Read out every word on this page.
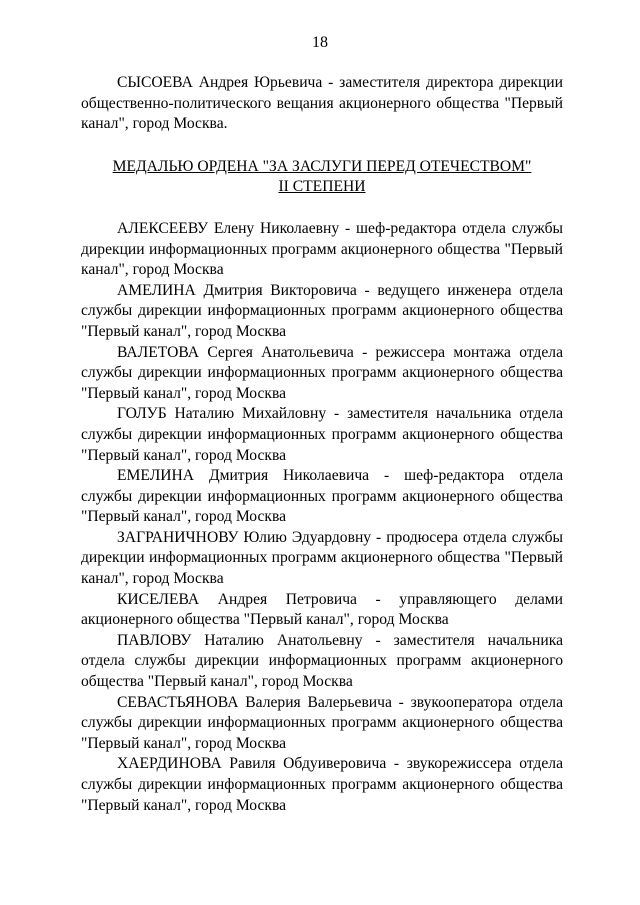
18

СЫСОЕВА Андрея Юрьевича - заместителя директора дирекции общественно-политического вещания акционерного общества "Первый канал", город Москва.

МЕДАЛЬЮ ОРДЕНА "ЗА ЗАСЛУГИ ПЕРЕД ОТЕЧЕСТВОМ"
II СТЕПЕНИ

АЛЕКСЕЕВУ Елену Николаевну - шеф-редактора отдела службы дирекции информационных программ акционерного общества "Первый канал", город Москва

АМЕЛИНА Дмитрия Викторовича - ведущего инженера отдела службы дирекции информационных программ акционерного общества "Первый канал", город Москва

ВАЛЕТОВА Сергея Анатольевича - режиссера монтажа отдела службы дирекции информационных программ акционерного общества "Первый канал", город Москва

ГОЛУБ Наталию Михайловну - заместителя начальника отдела службы дирекции информационных программ акционерного общества "Первый канал", город Москва

ЕМЕЛИНА Дмитрия Николаевича - шеф-редактора отдела службы дирекции информационных программ акционерного общества "Первый канал", город Москва

ЗАГРАНИЧНОВУ Юлию Эдуардовну - продюсера отдела службы дирекции информационных программ акционерного общества "Первый канал", город Москва

КИСЕЛЕВА Андрея Петровича - управляющего делами акционерного общества "Первый канал", город Москва

ПАВЛОВУ Наталию Анатольевну - заместителя начальника отдела службы дирекции информационных программ акционерного общества "Первый канал", город Москва

СЕВАСТЬЯНОВА Валерия Валерьевича - звукооператора отдела службы дирекции информационных программ акционерного общества "Первый канал", город Москва

ХАЕРДИНОВА Равиля Обдуиверовича - звукорежиссера отдела службы дирекции информационных программ акционерного общества "Первый канал", город Москва
